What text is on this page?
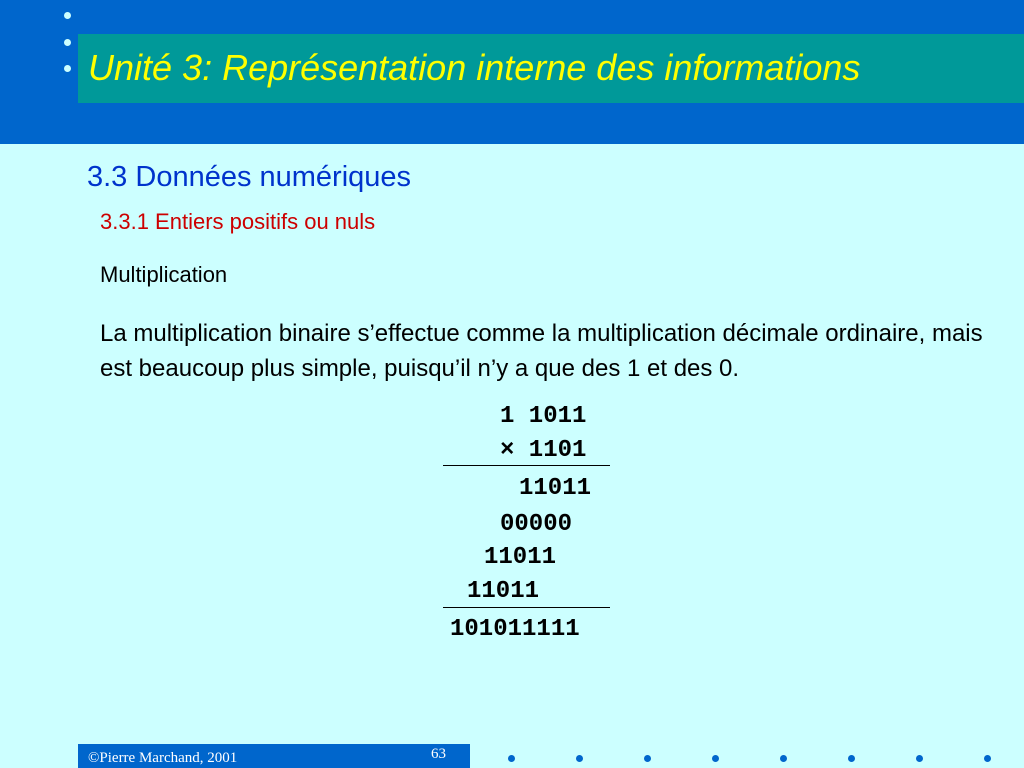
Unité 3: Représentation interne des informations
3.3 Données numériques
3.3.1 Entiers positifs ou nuls
Multiplication
La multiplication binaire s’effectue comme la multiplication décimale ordinaire, mais est beaucoup plus simple, puisqu’il n’y a que des 1 et des 0.
1 1011
× 1101
11011
00000
11011
11011
101011111
©Pierre Marchand, 2001	63
